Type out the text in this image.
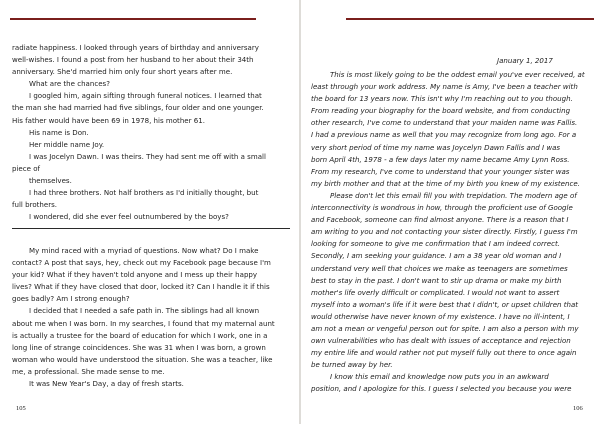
radiate happiness. I looked through years of birthday and anniversary
well-wishes. I found a post from her husband to her about their 34th
anniversary. She'd married him only four short years after me.
What are the chances?
I googled him, again sifting through funeral notices. I learned that
the man she had married had five siblings, four older and one younger.
His father would have been 69 in 1978, his mother 61.
His name is Don.
Her middle name Joy.
I was Jocelyn Dawn. I was theirs. They had sent me off with a small
piece of
themselves.
I had three brothers. Not half brothers as I'd initially thought, but
full brothers.
I wondered, did she ever feel outnumbered by the boys?
My mind raced with a myriad of questions. Now what? Do I make
contact? A post that says, hey, check out my Facebook page because I'm
your kid? What if they haven't told anyone and I mess up their happy
lives? What if they have closed that door, locked it? Can I handle it if this
goes badly? Am I strong enough?
I decided that I needed a safe path in. The siblings had all known
about me when I was born. In my searches, I found that my maternal aunt
is actually a trustee for the board of education for which I work, one in a
long line of strange coincidences. She was 31 when I was born, a grown
woman who would have understood the situation. She was a teacher, like
me, a professional. She made sense to me.
It was New Year's Day, a day of fresh starts.
105
January 1, 2017
This is most likely going to be the oddest email you've ever received, at
least through your work address. My name is Amy, I've been a teacher with
the board for 13 years now. This isn't why I'm reaching out to you though.
From reading your biography for the board website, and from conducting
other research, I've come to understand that your maiden name was Fallis.
I had a previous name as well that you may recognize from long ago. For a
very short period of time my name was Joycelyn Dawn Fallis and I was
born April 4th, 1978 - a few days later my name became Amy Lynn Ross.
From my research, I've come to understand that your younger sister was
my birth mother and that at the time of my birth you knew of my existence.
Please don't let this email fill you with trepidation. The modern age of
interconnectivity is wondrous in how, through the proficient use of Google
and Facebook, someone can find almost anyone. There is a reason that I
am writing to you and not contacting your sister directly. Firstly, I guess I'm
looking for someone to give me confirmation that I am indeed correct.
Secondly, I am seeking your guidance. I am a 38 year old woman and I
understand very well that choices we make as teenagers are sometimes
best to stay in the past. I don't want to stir up drama or make my birth
mother's life overly difficult or complicated. I would not want to assert
myself into a woman's life if it were best that I didn't, or upset children that
would otherwise have never known of my existence. I have no ill-intent, I
am not a mean or vengeful person out for spite. I am also a person with my
own vulnerabilities who has dealt with issues of acceptance and rejection
my entire life and would rather not put myself fully out there to once again
be turned away by her.
I know this email and knowledge now puts you in an awkward
position, and I apologize for this. I guess I selected you because you were
106
